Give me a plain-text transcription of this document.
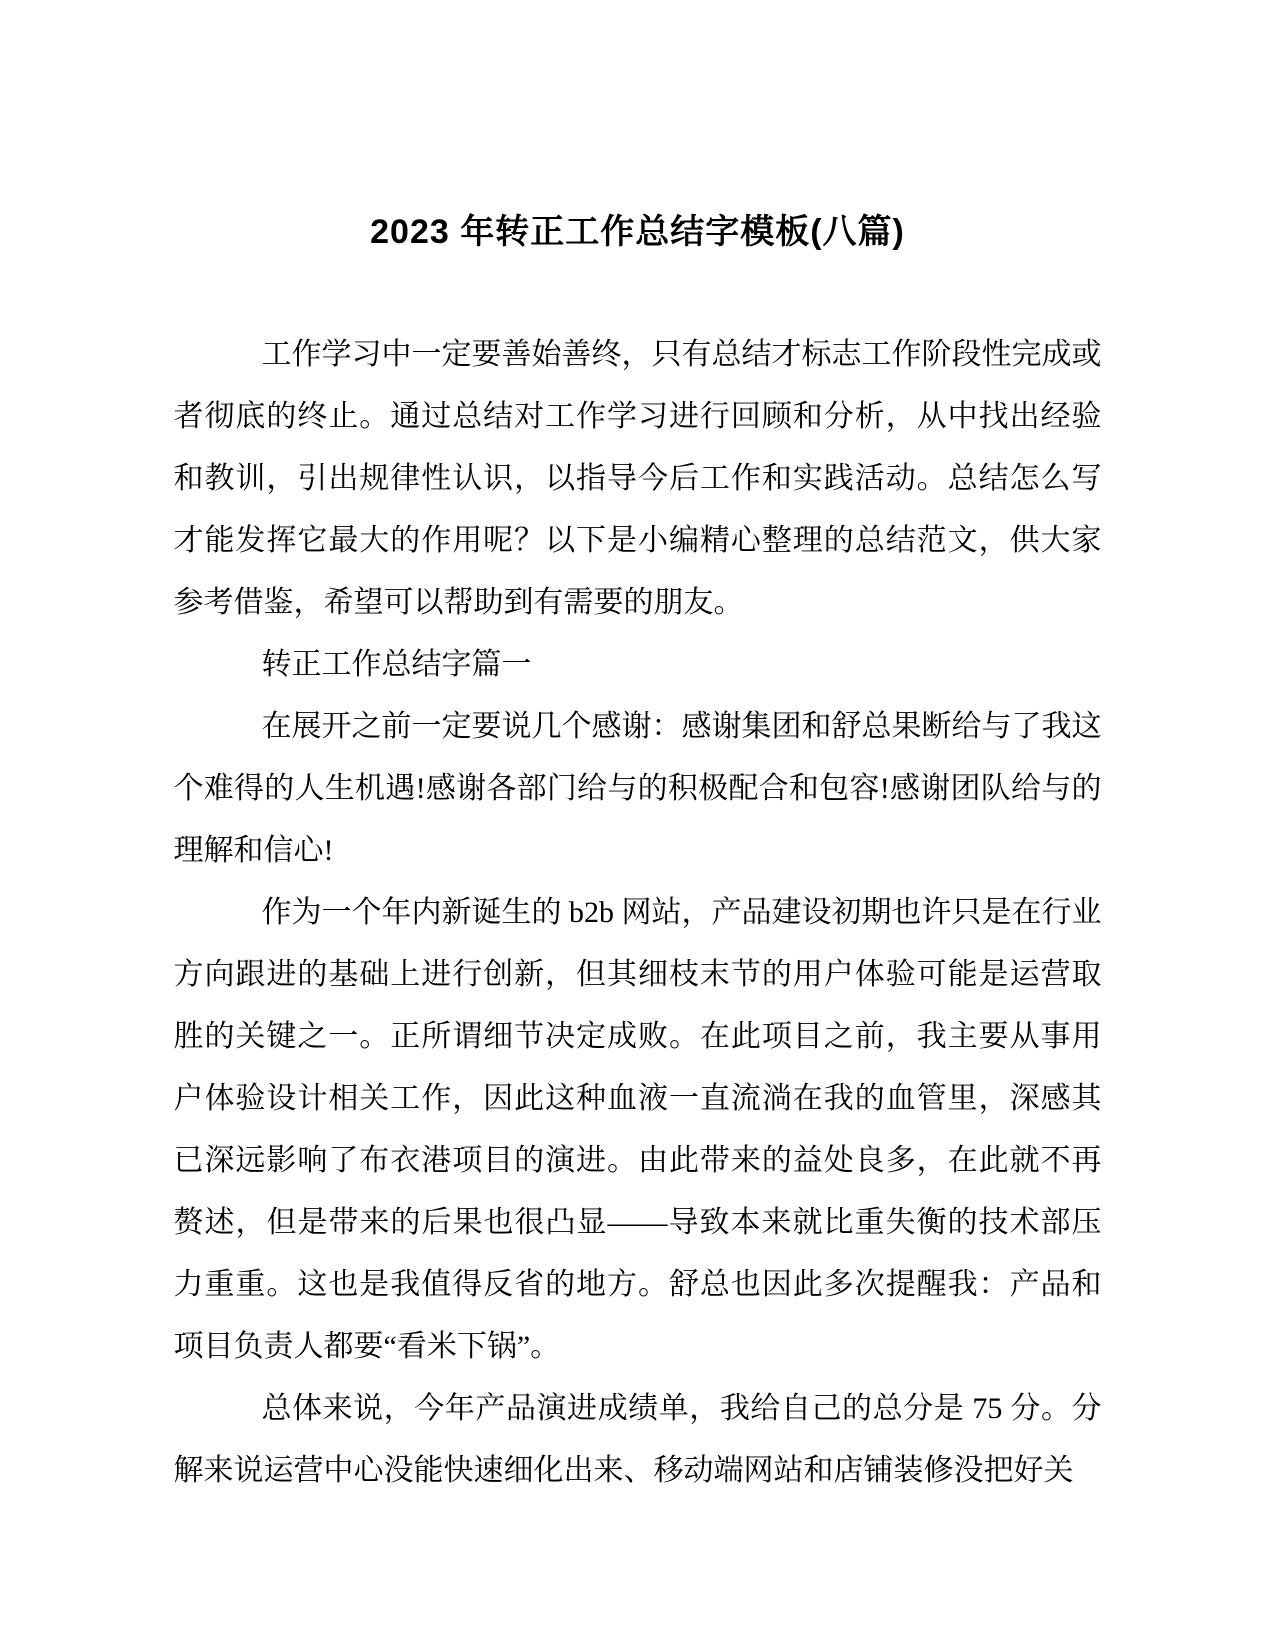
2023 年转正工作总结字模板(八篇)

工作学习中一定要善始善终，只有总结才标志工作阶段性完成或者彻底的终止。通过总结对工作学习进行回顾和分析，从中找出经验和教训，引出规律性认识，以指导今后工作和实践活动。总结怎么写才能发挥它最大的作用呢？以下是小编精心整理的总结范文，供大家参考借鉴，希望可以帮助到有需要的朋友。

转正工作总结字篇一

在展开之前一定要说几个感谢：感谢集团和舒总果断给与了我这个难得的人生机遇!感谢各部门给与的积极配合和包容!感谢团队给与的理解和信心!

作为一个年内新诞生的 b2b 网站，产品建设初期也许只是在行业方向跟进的基础上进行创新，但其细枝末节的用户体验可能是运营取胜的关键之一。正所谓细节决定成败。在此项目之前，我主要从事用户体验设计相关工作，因此这种血液一直流淌在我的血管里，深感其已深远影响了布衣港项目的演进。由此带来的益处良多，在此就不再赘述，但是带来的后果也很凸显——导致本来就比重失衡的技术部压力重重。这也是我值得反省的地方。舒总也因此多次提醒我：产品和项目负责人都要“看米下锅”。

总体来说，今年产品演进成绩单，我给自己的总分是 75 分。分解来说运营中心没能快速细化出来、移动端网站和店铺装修没把好关
